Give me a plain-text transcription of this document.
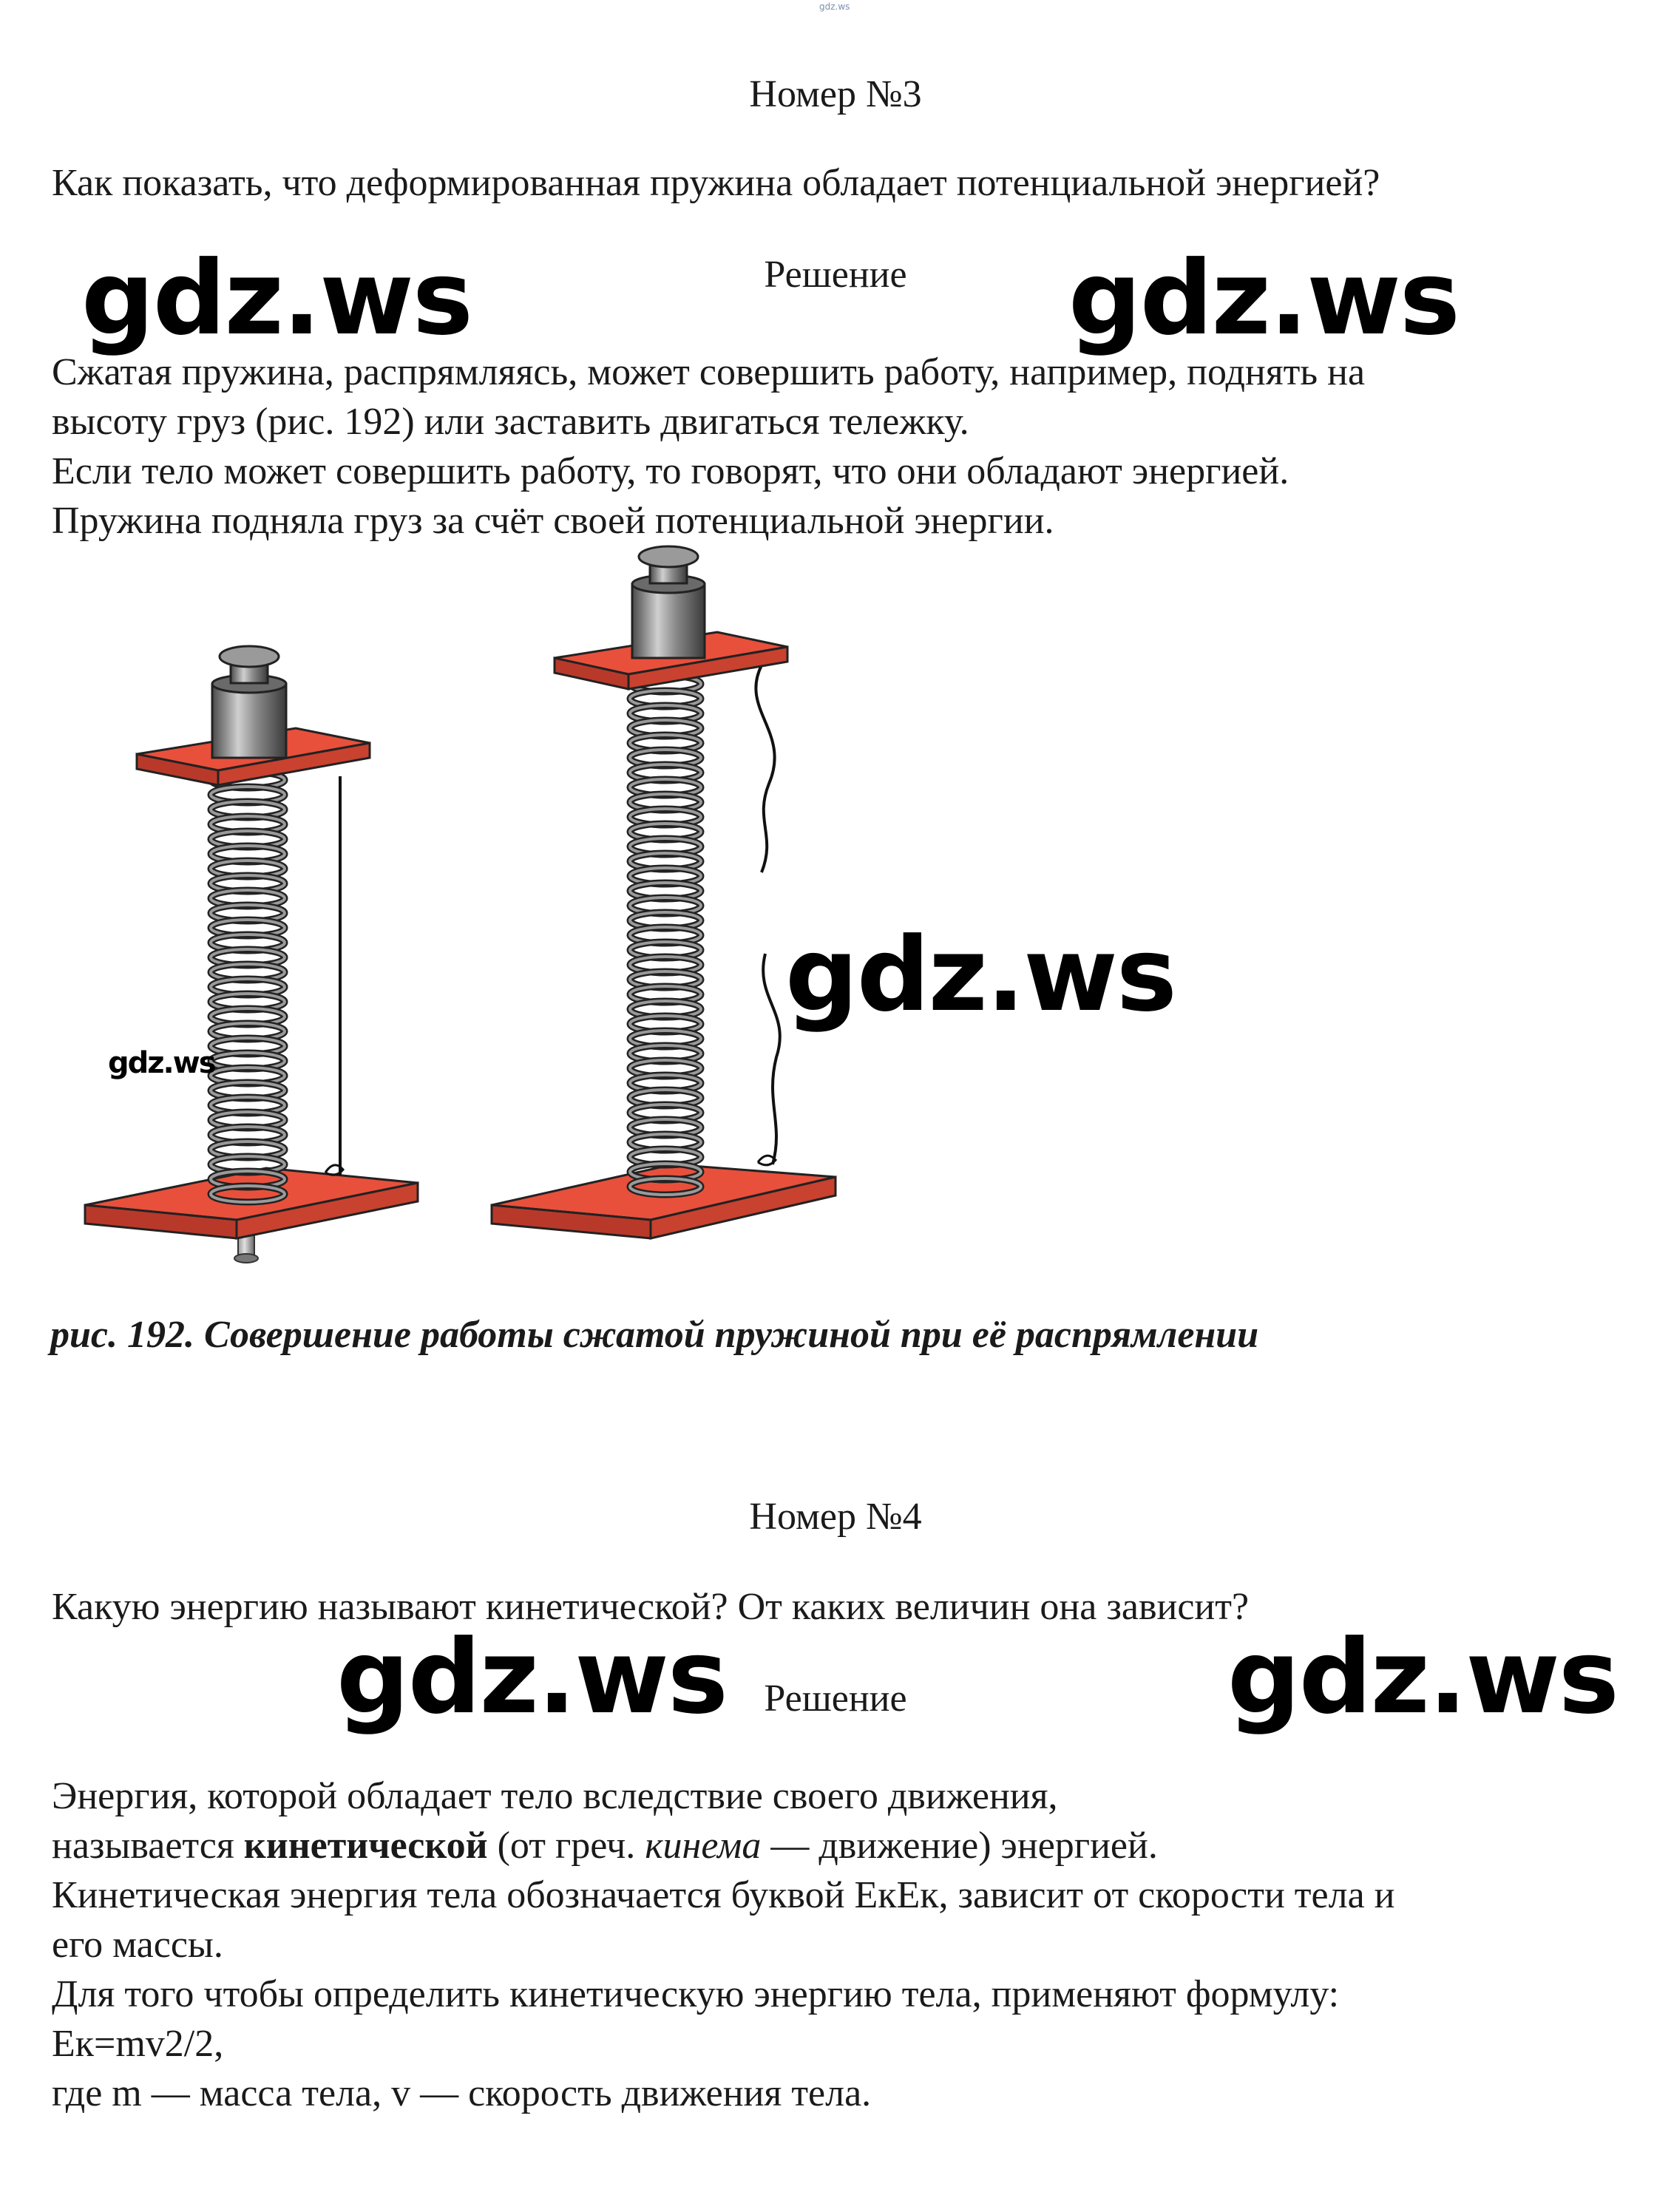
gdz.ws
Номер №3
Как показать, что деформированная пружина обладает потенциальной энергией?
gdz.ws	Решение	gdz.ws
Сжатая пружина, распрямляясь, может совершить работу, например, поднять на
высоту груз (рис. 192) или заставить двигаться тележку.
Если тело может совершить работу, то говорят, что они обладают энергией.
Пружина подняла груз за счёт своей потенциальной энергии.
gdz.ws
gdz.ws
рис. 192. Совершение работы сжатой пружиной при её распрямлении
Номер №4
Какую энергию называют кинетической? От каких величин она зависит?
gdz.ws Решение	gdz.ws
Энергия, которой обладает тело вследствие своего движения,
называется кинетической (от греч. кинема — движение) энергией.
Кинетическая энергия тела обозначается буквой ЕкЕк, зависит от скорости тела и
его массы.
Для того чтобы определить кинетическую энергию тела, применяют формулу:
Ек=mv2/2,
где m — масса тела, v — скорость движения тела.
